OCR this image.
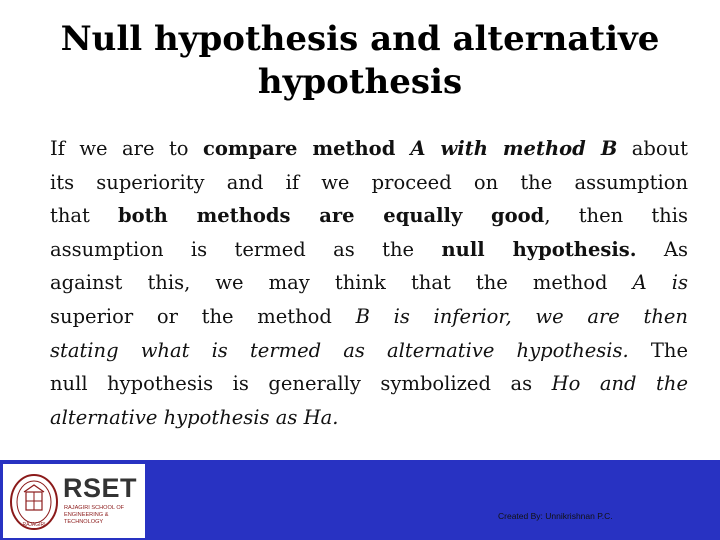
Null hypothesis and alternative
hypothesis
If we are to compare method A with method B about
its superiority and if we proceed on the assumption
that both methods are equally good, then this
assumption is termed as the null hypothesis. As
against this, we may think that the method A is
superior or the method B is inferior, we are then
stating what is termed as alternative hypothesis. The
null hypothesis is generally symbolized as Ho and the
alternative hypothesis as Ha.
RAJAGIRI
RSET
RAJAGIRI SCHOOL OF ENGINEERING & TECHNOLOGY
Created By: Unnikrishnan P.C.
